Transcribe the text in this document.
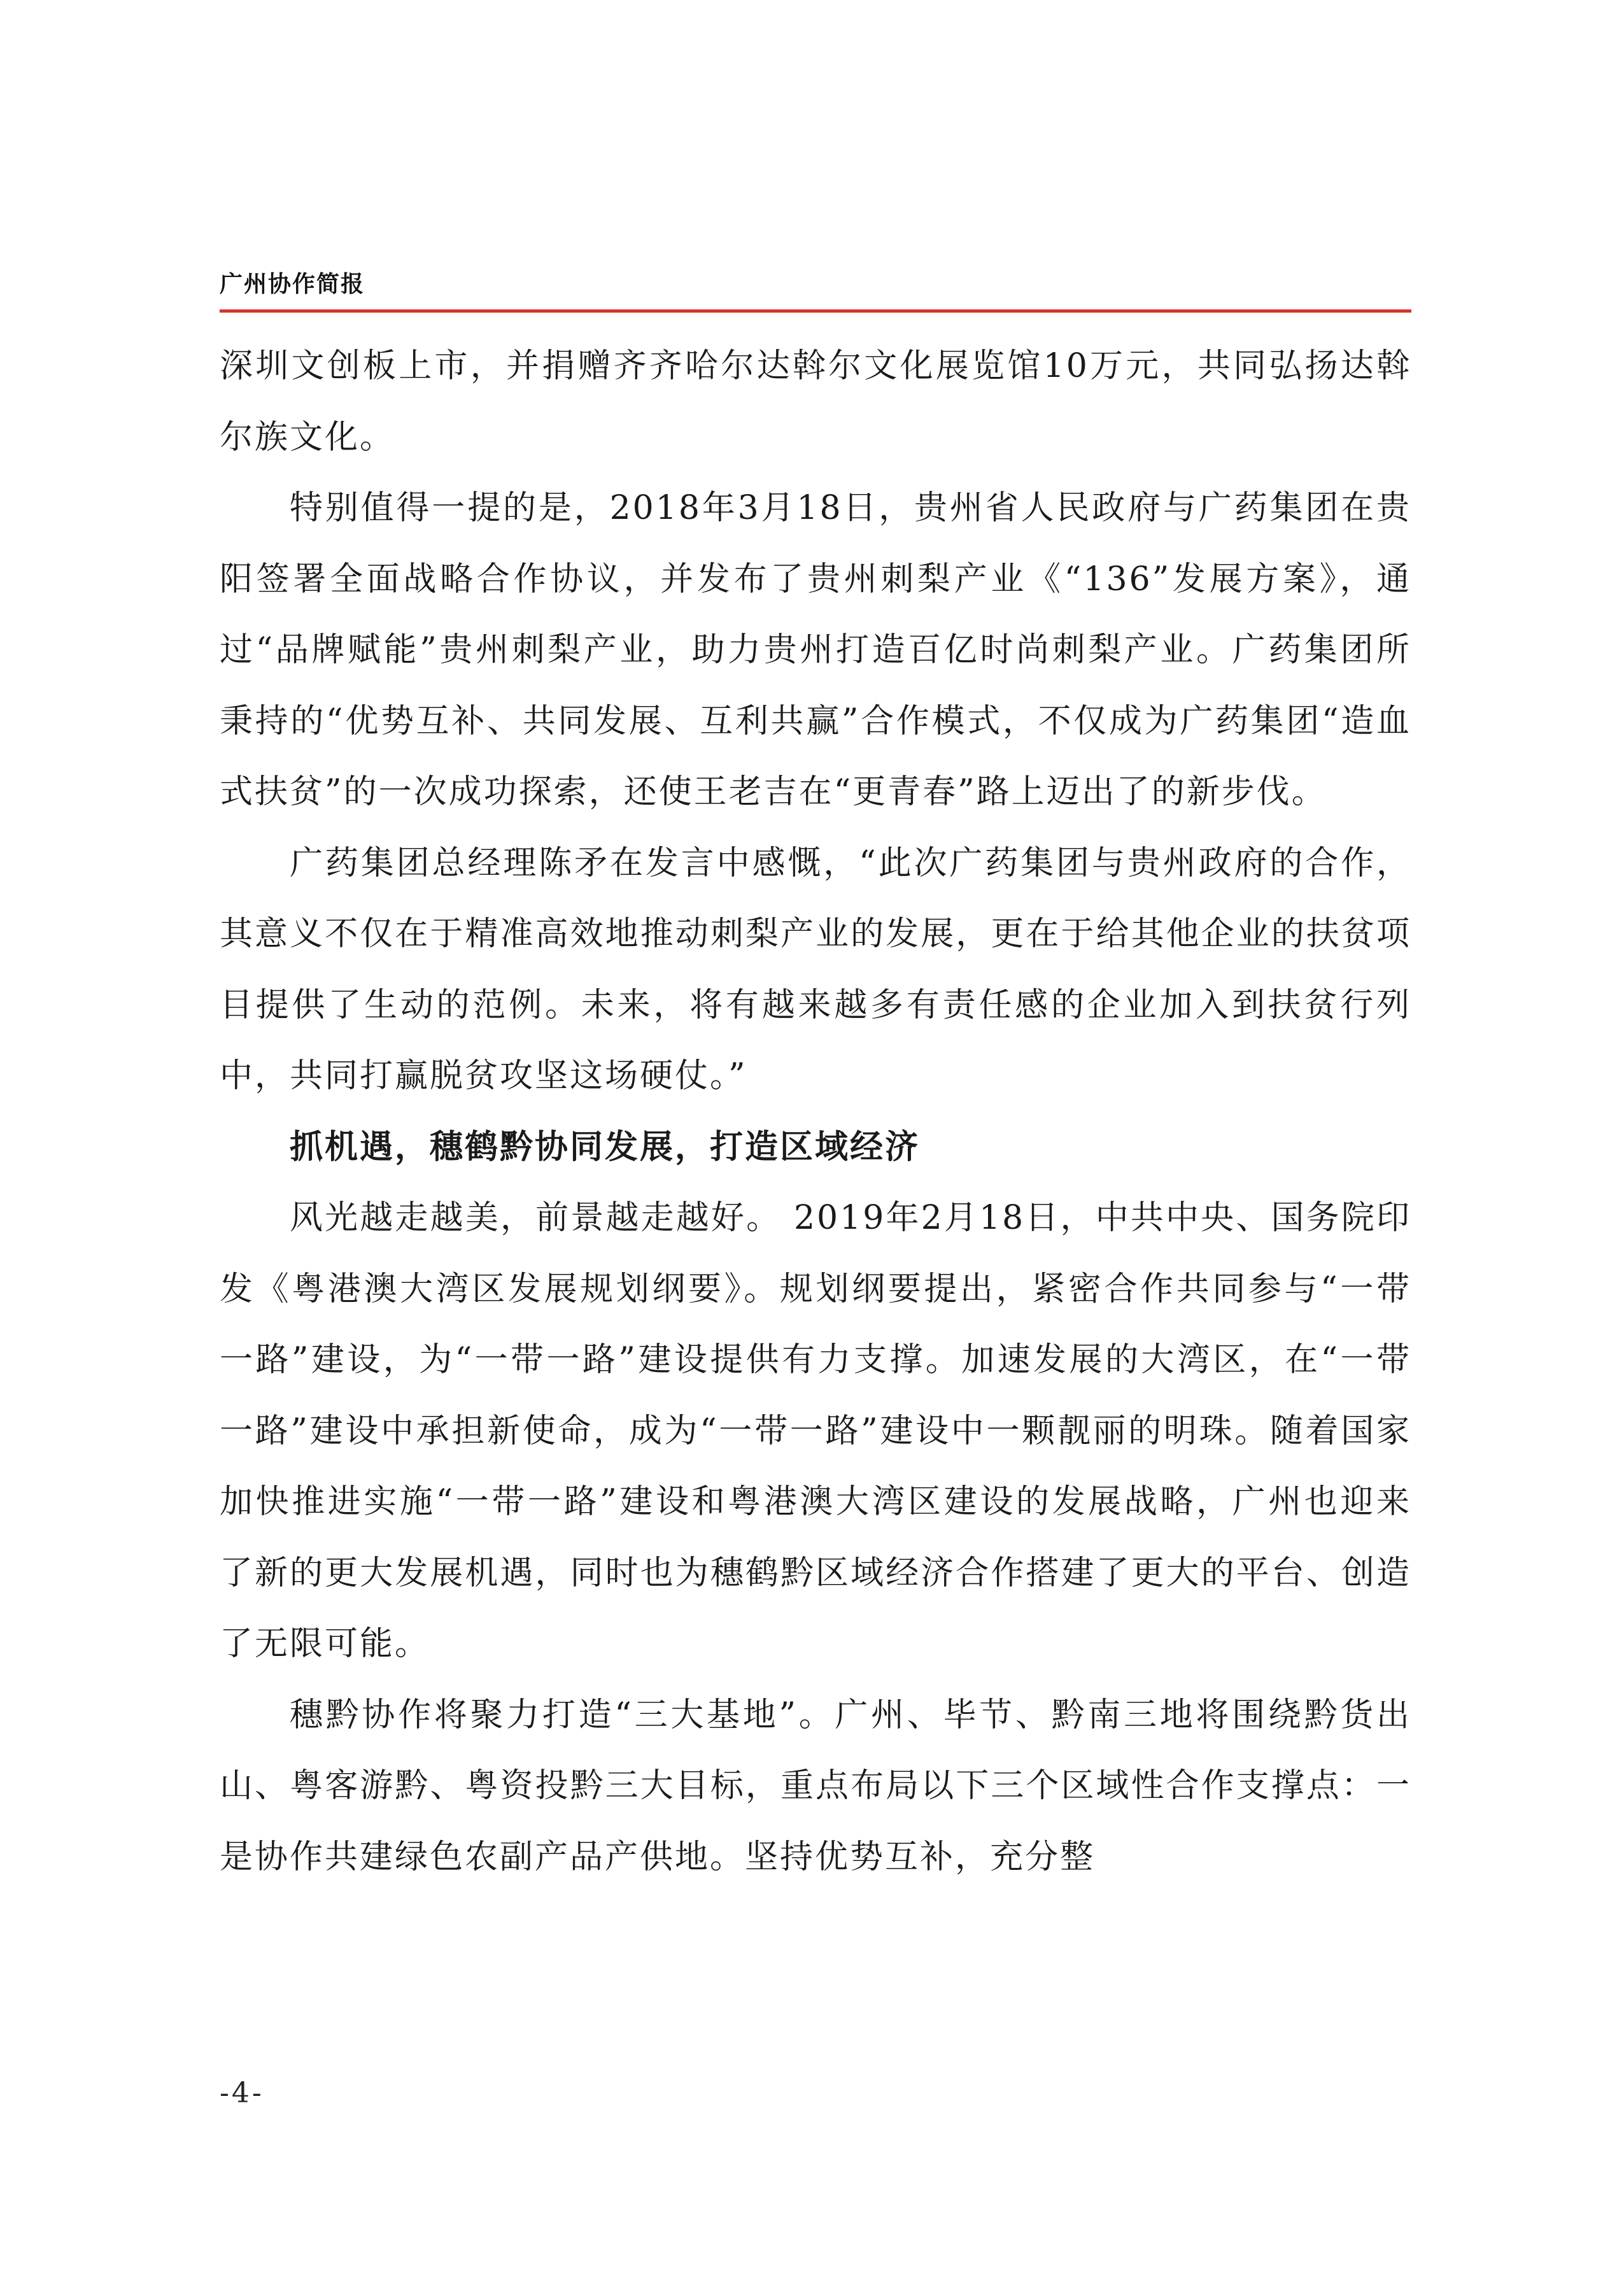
广州协作简报

深圳文创板上市，并捐赠齐齐哈尔达斡尔文化展览馆10万元，共同弘扬达斡尔族文化。

特别值得一提的是，2018年3月18日，贵州省人民政府与广药集团在贵阳签署全面战略合作协议，并发布了贵州刺梨产业《“136”发展方案》，通过“品牌赋能”贵州刺梨产业，助力贵州打造百亿时尚刺梨产业。广药集团所秉持的“优势互补、共同发展、互利共赢”合作模式，不仅成为广药集团“造血式扶贫”的一次成功探索，还使王老吉在“更青春”路上迈出了的新步伐。

广药集团总经理陈矛在发言中感慨，“此次广药集团与贵州政府的合作，其意义不仅在于精准高效地推动刺梨产业的发展，更在于给其他企业的扶贫项目提供了生动的范例。未来，将有越来越多有责任感的企业加入到扶贫行列中，共同打赢脱贫攻坚这场硬仗。”

抓机遇，穗鹤黔协同发展，打造区域经济

风光越走越美，前景越走越好。 2019年2月18日，中共中央、国务院印发《粤港澳大湾区发展规划纲要》。规划纲要提出，紧密合作共同参与“一带一路”建设，为“一带一路”建设提供有力支撑。加速发展的大湾区，在“一带一路”建设中承担新使命，成为“一带一路”建设中一颗靓丽的明珠。随着国家加快推进实施“一带一路”建设和粤港澳大湾区建设的发展战略，广州也迎来了新的更大发展机遇，同时也为穗鹤黔区域经济合作搭建了更大的平台、创造了无限可能。

穗黔协作将聚力打造“三大基地”。广州、毕节、黔南三地将围绕黔货出山、粤客游黔、粤资投黔三大目标，重点布局以下三个区域性合作支撑点：一是协作共建绿色农副产品产供地。坚持优势互补，充分整

-4-
